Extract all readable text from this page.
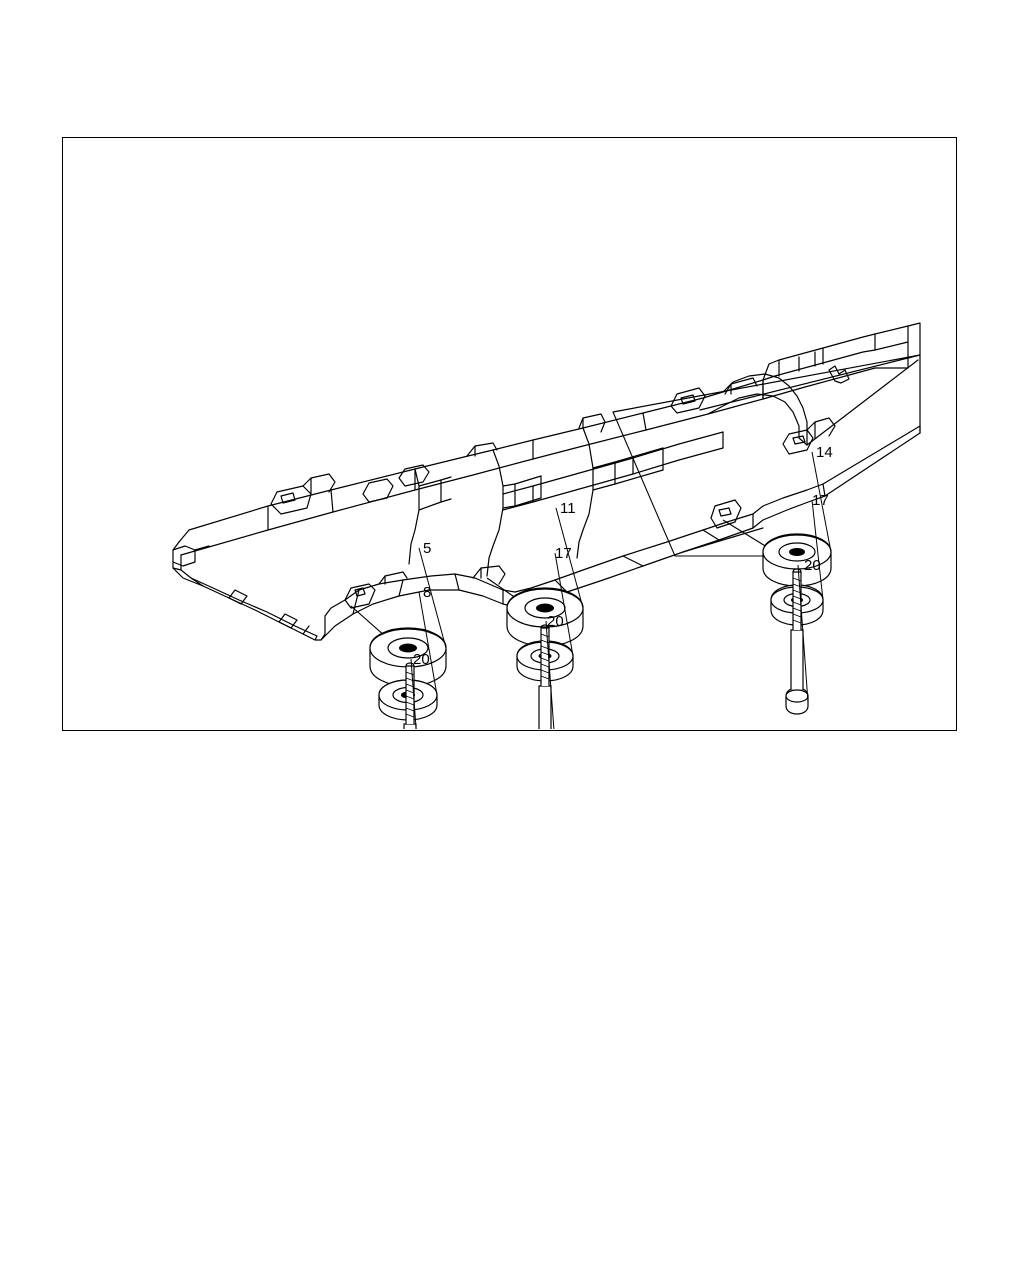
5
8
20
11
17
20
14
17
20
